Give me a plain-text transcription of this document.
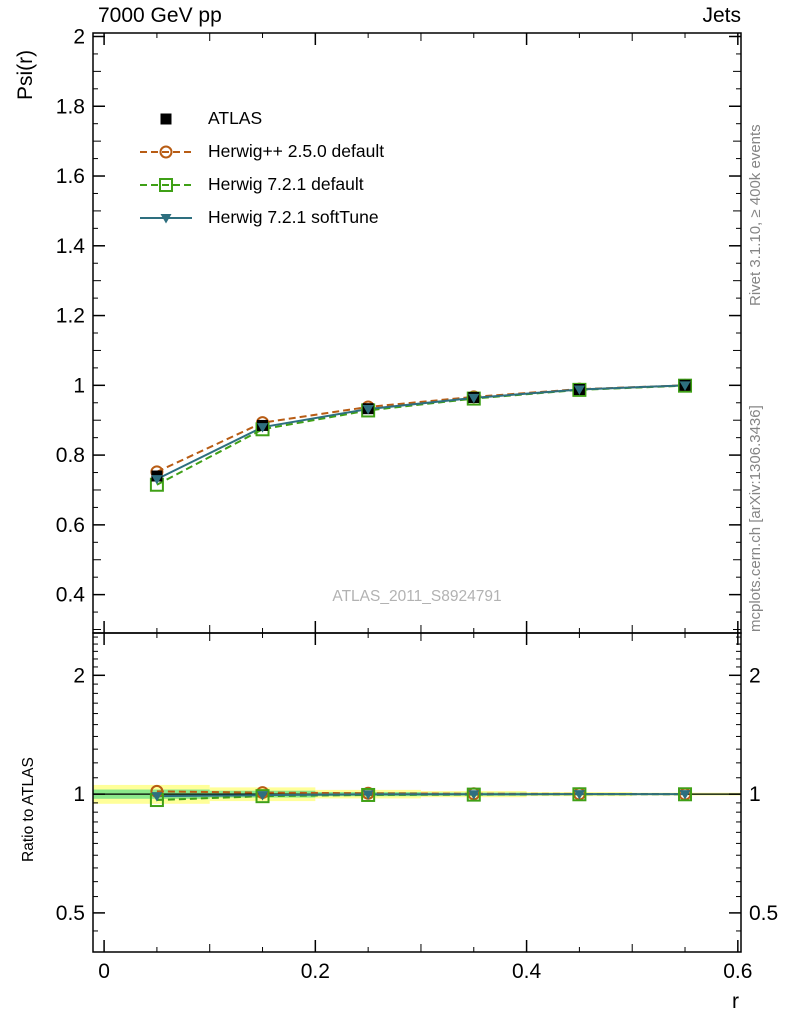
0.4
0.6
0.8
1
1.2
1.4
1.6
1.8
2
0.5	0.5
1	1
2	2
0	0.2	0.4	0.6
7000 GeV pp	Jets
Psi(r)
ATLAS_2011_S8924791
Rivet 3.1.10, ≥ 400k events
mcplots.cern.ch [arXiv:1306.3436]
Ratio to ATLAS
r
ATLAS
Herwig++ 2.5.0 default
Herwig 7.2.1 default
Herwig 7.2.1 softTune
